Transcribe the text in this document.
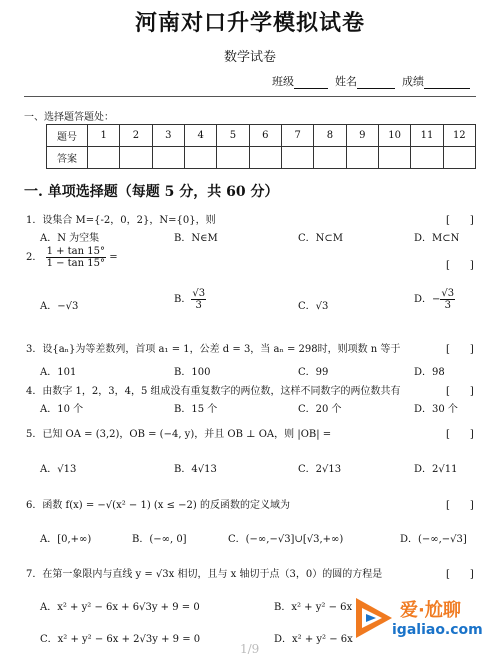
河南对口升学模拟试卷
数学试卷
班级	姓名	成绩
一、选择题答题处：
题号	1	2	3	4	5	6	7	8	9	10	11	12
答案												
一. 单项选择题（每题 5 分，共 60 分）
1．设集合 M={-2，0，2}，N={0}，则	[　　]
A．N 为空集	B．N∈M	C．N⊂M	D．M⊂N
2． $\frac{1 + \tan 15^\circ}{1 - \tan 15^\circ}$ =
[　　]
A．−√3
B． $\frac{√3}{3}$	C．√3
D．− $\frac{√3}{3}$
3．设{aₙ}为等差数列，首项 a₁ = 1，公差 d = 3，当 aₙ = 298时，则项数 n 等于	[　　]
A．101	B．100	C．99	D．98
4．由数字 1，2，3，4，5 组成没有重复数字的两位数，这样不同数字的两位数共有	[　　]
A．10 个	B．15 个	C．20 个	D．30 个
5．已知 OA = (3,2)，OB = (−4, y)，并且 OB ⊥ OA，则 |OB| =	[　　]
A．√13	B．4√13	C．2√13	D．2√11
6．函数 f(x) = −√(x² − 1) (x ≤ −2) 的反函数的定义域为	[　　]
A．[0,+∞)	B．(−∞, 0]	C．(−∞,−√3]∪[√3,+∞)	D．(−∞,−√3]
7．在第一象限内与直线 y = √3x 相切，且与 x 轴切于点（3，0）的圆的方程是	[　　]
A．x² + y² − 6x + 6√3y + 9 = 0	B．x² + y² − 6x
C．x² + y² − 6x + 2√3y + 9 = 0	D．x² + y² − 6x
1/9
爱·尬聊
igaliao.com
